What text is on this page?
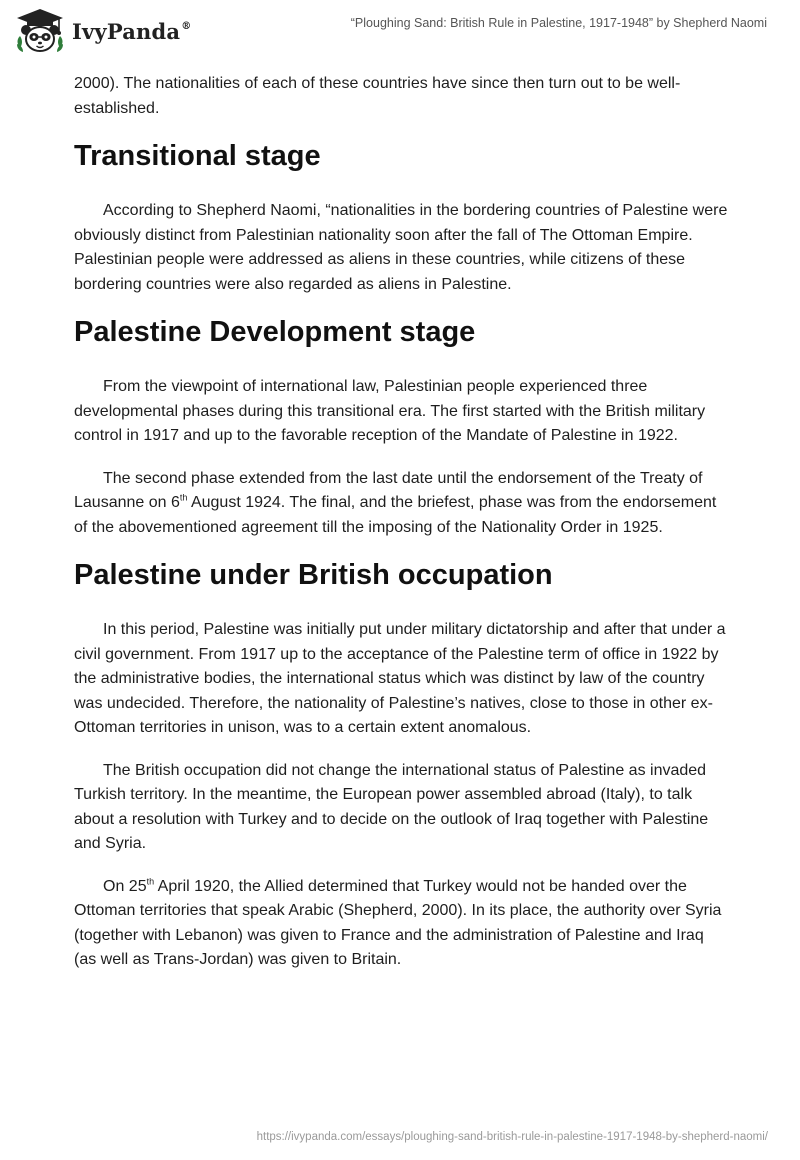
IvyPanda®	“Ploughing Sand: British Rule in Palestine, 1917-1948” by Shepherd Naomi

2000). The nationalities of each of these countries have since then turn out to be well-established.

Transitional stage

According to Shepherd Naomi, “nationalities in the bordering countries of Palestine were obviously distinct from Palestinian nationality soon after the fall of The Ottoman Empire. Palestinian people were addressed as aliens in these countries, while citizens of these bordering countries were also regarded as aliens in Palestine.

Palestine Development stage

From the viewpoint of international law, Palestinian people experienced three developmental phases during this transitional era. The first started with the British military control in 1917 and up to the favorable reception of the Mandate of Palestine in 1922.

The second phase extended from the last date until the endorsement of the Treaty of Lausanne on 6th August 1924. The final, and the briefest, phase was from the endorsement of the abovementioned agreement till the imposing of the Nationality Order in 1925.

Palestine under British occupation

In this period, Palestine was initially put under military dictatorship and after that under a civil government. From 1917 up to the acceptance of the Palestine term of office in 1922 by the administrative bodies, the international status which was distinct by law of the country was undecided. Therefore, the nationality of Palestine’s natives, close to those in other ex-Ottoman territories in unison, was to a certain extent anomalous.

The British occupation did not change the international status of Palestine as invaded Turkish territory. In the meantime, the European power assembled abroad (Italy), to talk about a resolution with Turkey and to decide on the outlook of Iraq together with Palestine and Syria.

On 25th April 1920, the Allied determined that Turkey would not be handed over the Ottoman territories that speak Arabic (Shepherd, 2000). In its place, the authority over Syria (together with Lebanon) was given to France and the administration of Palestine and Iraq (as well as Trans-Jordan) was given to Britain.

https://ivypanda.com/essays/ploughing-sand-british-rule-in-palestine-1917-1948-by-shepherd-naomi/
